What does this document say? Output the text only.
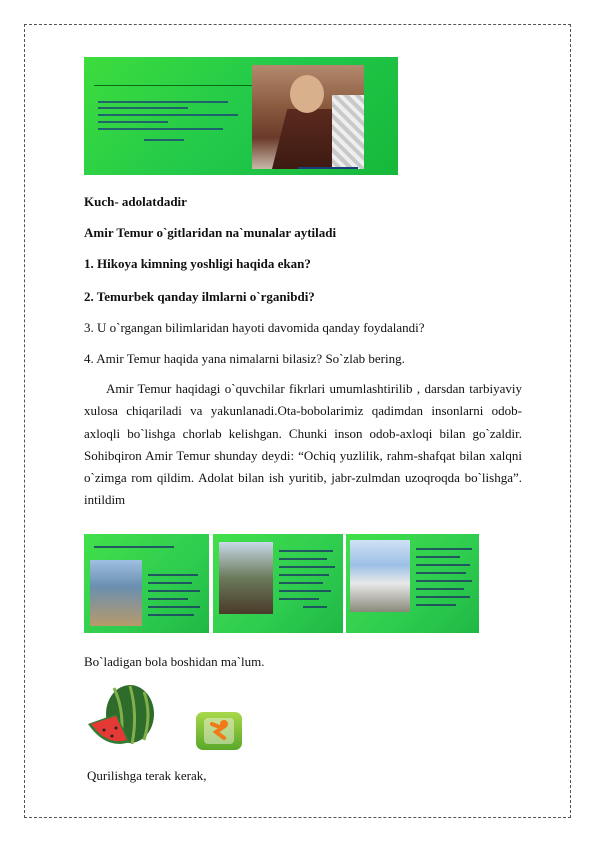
Kuch- adolatdadir
Amir Temur o`gitlaridan na`munalar aytiladi
1. Hikoya kimning yoshligi haqida ekan?
2. Temurbek qanday ilmlarni o`rganibdi?
3. U o`rgangan bilimlaridan hayoti davomida qanday foydalandi?
4. Amir Temur haqida yana nimalarni bilasiz? So`zlab bering.
Amir Temur haqidagi o`quvchilar fikrlari umumlashtirilib , darsdan tarbiyaviy xulosa chiqariladi va yakunlanadi.Ota-bobolarimiz qadimdan insonlarni odob-axloqli bo`lishga chorlab kelishgan. Chunki inson odob-axloqi bilan go`zaldir. Sohibqiron Amir Temur shunday deydi: “Ochiq yuzlilik, rahm-shafqat bilan xalqni o`zimga rom qildim. Adolat bilan ish yuritib, jabr-zulmdan uzoqroqda bo`lishga”. intildim
Bo`ladigan bola boshidan ma`lum.
Qurilishga terak kerak,
